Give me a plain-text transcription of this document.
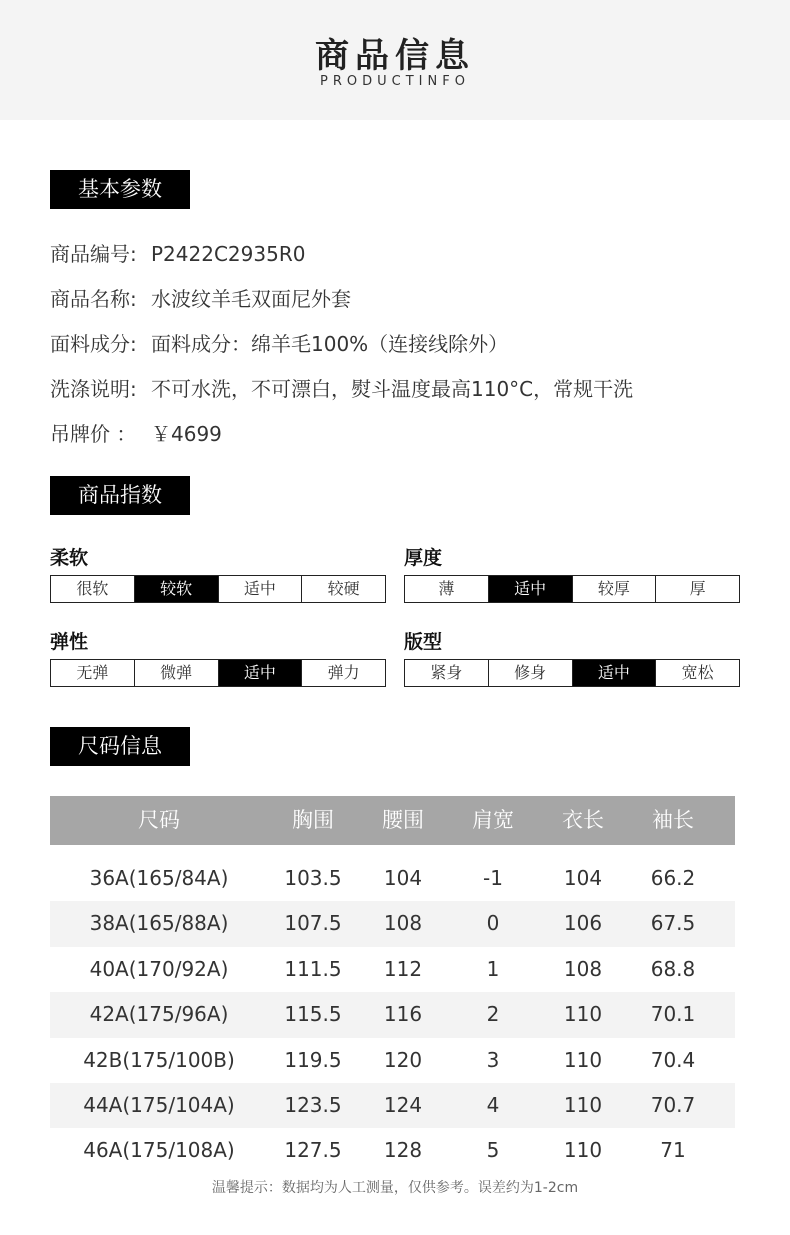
商品信息
PRODUCTINFO
基本参数
商品编号: P2422C2935R0
商品名称: 水波纹羊毛双面尼外套
面料成分: 面料成分：绵羊毛100%（连接线除外）
洗涤说明: 不可水洗，不可漂白，熨斗温度最高110°C，常规干洗
吊牌价 ： ￥4699
商品指数
柔软
很软	较软	适中	较硬
厚度
薄	适中	较厚	厚
弹性
无弹	微弹	适中	弹力
版型
紧身	修身	适中	宽松
尺码信息
尺码	胸围	腰围	肩宽	衣长	袖长
36A(165/84A)	103.5	104	-1	104	66.2
38A(165/88A)	107.5	108	0	106	67.5
40A(170/92A)	111.5	112	1	108	68.8
42A(175/96A)	115.5	116	2	110	70.1
42B(175/100B)	119.5	120	3	110	70.4
44A(175/104A)	123.5	124	4	110	70.7
46A(175/108A)	127.5	128	5	110	71
温馨提示：数据均为人工测量，仅供参考。误差约为1-2cm
